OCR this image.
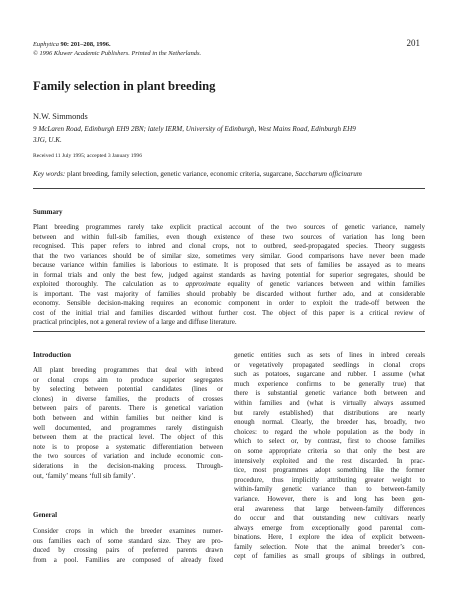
Euphytica 90: 201–208, 1996.
© 1996 Kluwer Academic Publishers. Printed in the Netherlands.
201
Family selection in plant breeding
N.W. Simmonds
9 McLaren Road, Edinburgh EH9 2BN; lately IERM, University of Edinburgh, West Mains Road, Edinburgh EH9
3JG, U.K.
Received 11 July 1995; accepted 3 January 1996
Key words: plant breeding, family selection, genetic variance, economic criteria, sugarcane, Saccharum officinarum
Summary
Plant breeding programmes rarely take explicit practical account of the two sources of genetic variance, namely
between and within full-sib families, even though existence of these two sources of variation has long been
recognised. This paper refers to inbred and clonal crops, not to outbred, seed-propagated species. Theory suggests
that the two variances should be of similar size, sometimes very similar. Good comparisons have never been made
because variance within families is laborious to estimate. It is proposed that sets of families be assayed as to means
in formal trials and only the best few, judged against standards as having potential for superior segregates, should be
exploited thoroughly. The calculation as to approximate equality of genetic variances between and within families
is important. The vast majority of families should probably be discarded without further ado, and at considerable
economy. Sensible decision-making requires an economic component in order to exploit the trade-off between the
cost of the initial trial and families discarded without further cost. The object of this paper is a critical review of
practical principles, not a general review of a large and diffuse literature.
Introduction
All plant breeding programmes that deal with inbred
or clonal crops aim to produce superior segregates
by selecting between potential candidates (lines or
clones) in diverse families, the products of crosses
between pairs of parents. There is genetical variation
both between and within families but neither kind is
well documented, and programmes rarely distinguish
between them at the practical level. The object of this
note is to propose a systematic differentiation between
the two sources of variation and include economic con-
siderations in the decision-making process. Through-
out, ‘family’ means ‘full sib family’.
General
Consider crops in which the breeder examines numer-
ous families each of some standard size. They are pro-
duced by crossing pairs of preferred parents drawn
from a pool. Families are composed of already fixed
genetic entities such as sets of lines in inbred cereals
or vegetatively propagated seedlings in clonal crops
such as potatoes, sugarcane and rubber. I assume (what
much experience confirms to be generally true) that
there is substantial genetic variance both between and
within families and (what is virtually always assumed
but rarely established) that distributions are nearly
enough normal. Clearly, the breeder has, broadly, two
choices: to regard the whole population as the body in
which to select or, by contrast, first to choose families
on some appropriate criteria so that only the best are
intensively exploited and the rest discarded. In prac-
tice, most programmes adopt something like the former
procedure, thus implicitly attributing greater weight to
within-family genetic variance than to between-family
variance. However, there is and long has been gen-
eral awareness that large between-family differences
do occur and that outstanding new cultivars nearly
always emerge from exceptionally good parental com-
binations. Here, I explore the idea of explicit between-
family selection. Note that the animal breeder’s con-
cept of families as small groups of siblings in outbred,
